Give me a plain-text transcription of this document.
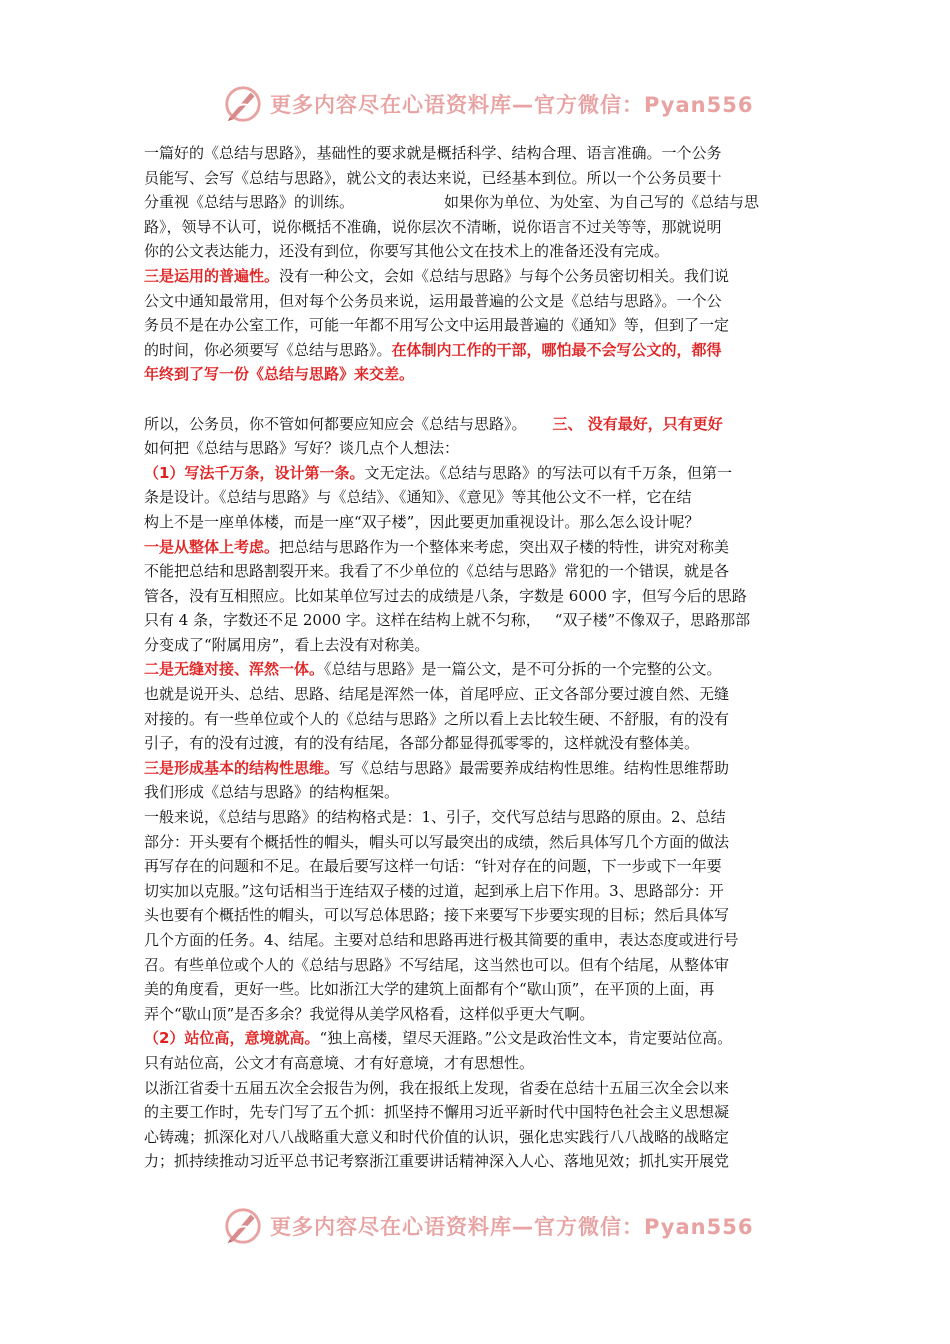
更多内容尽在心语资料库—官方微信：Pyan556

一篇好的《总结与思路》，基础性的要求就是概括科学、结构合理、语言准确。一个公务

员能写、会写《总结与思路》，就公文的表达来说，已经基本到位。所以一个公务员要十

分重视《总结与思路》的训练。	如果你为单位、为处室、为自己写的《总结与思

路》，领导不认可，说你概括不准确，说你层次不清晰，说你语言不过关等等，那就说明

你的公文表达能力，还没有到位，你要写其他公文在技术上的准备还没有完成。

三是运用的普遍性。没有一种公文，会如《总结与思路》与每个公务员密切相关。我们说

公文中通知最常用，但对每个公务员来说，运用最普遍的公文是《总结与思路》。一个公

务员不是在办公室工作，可能一年都不用写公文中运用最普遍的《通知》等，但到了一定

的时间，你必须要写《总结与思路》。在体制内工作的干部，哪怕最不会写公文的，都得

年终到了写一份《总结与思路》来交差。

所以，公务员，你不管如何都要应知应会《总结与思路》。 三、 没有最好，只有更好

如何把《总结与思路》写好？谈几点个人想法：

（1）写法千万条，设计第一条。文无定法。《总结与思路》的写法可以有千万条，但第一

条是设计。《总结与思路》与《总结》、《通知》、《意见》等其他公文不一样，它在结

构上不是一座单体楼，而是一座“双子楼”，因此要更加重视设计。那么怎么设计呢？

一是从整体上考虑。把总结与思路作为一个整体来考虑，突出双子楼的特性，讲究对称美

不能把总结和思路割裂开来。我看了不少单位的《总结与思路》常犯的一个错误，就是各

管各，没有互相照应。比如某单位写过去的成绩是八条，字数是 6000 字，但写今后的思路

只有 4 条，字数还不足 2000 字。这样在结构上就不匀称， “双子楼”不像双子，思路那部

分变成了“附属用房”，看上去没有对称美。

二是无缝对接、浑然一体。《总结与思路》是一篇公文，是不可分拆的一个完整的公文。

也就是说开头、总结、思路、结尾是浑然一体，首尾呼应、正文各部分要过渡自然、无缝

对接的。有一些单位或个人的《总结与思路》之所以看上去比较生硬、不舒服，有的没有

引子，有的没有过渡，有的没有结尾，各部分都显得孤零零的，这样就没有整体美。

三是形成基本的结构性思维。写《总结与思路》最需要养成结构性思维。结构性思维帮助

我们形成《总结与思路》的结构框架。

一般来说，《总结与思路》的结构格式是：1、引子，交代写总结与思路的原由。2、总结

部分：开头要有个概括性的帽头，帽头可以写最突出的成绩，然后具体写几个方面的做法

再写存在的问题和不足。在最后要写这样一句话：“针对存在的问题，下一步或下一年要

切实加以克服。”这句话相当于连结双子楼的过道，起到承上启下作用。3、思路部分：开

头也要有个概括性的帽头，可以写总体思路；接下来要写下步要实现的目标；然后具体写

几个方面的任务。4、结尾。主要对总结和思路再进行极其简要的重申，表达态度或进行号

召。有些单位或个人的《总结与思路》不写结尾，这当然也可以。但有个结尾，从整体审

美的角度看，更好一些。比如浙江大学的建筑上面都有个“歇山顶”，在平顶的上面，再

弄个“歇山顶”是否多余？我觉得从美学风格看，这样似乎更大气啊。

（2）站位高，意境就高。“独上高楼，望尽天涯路。”公文是政治性文本，肯定要站位高。

只有站位高，公文才有高意境、才有好意境，才有思想性。

以浙江省委十五届五次全会报告为例，我在报纸上发现，省委在总结十五届三次全会以来

的主要工作时，先专门写了五个抓：抓坚持不懈用习近平新时代中国特色社会主义思想凝

心铸魂；抓深化对八八战略重大意义和时代价值的认识，强化忠实践行八八战略的战略定

力；抓持续推动习近平总书记考察浙江重要讲话精神深入人心、落地见效；抓扎实开展党

更多内容尽在心语资料库—官方微信：Pyan556
